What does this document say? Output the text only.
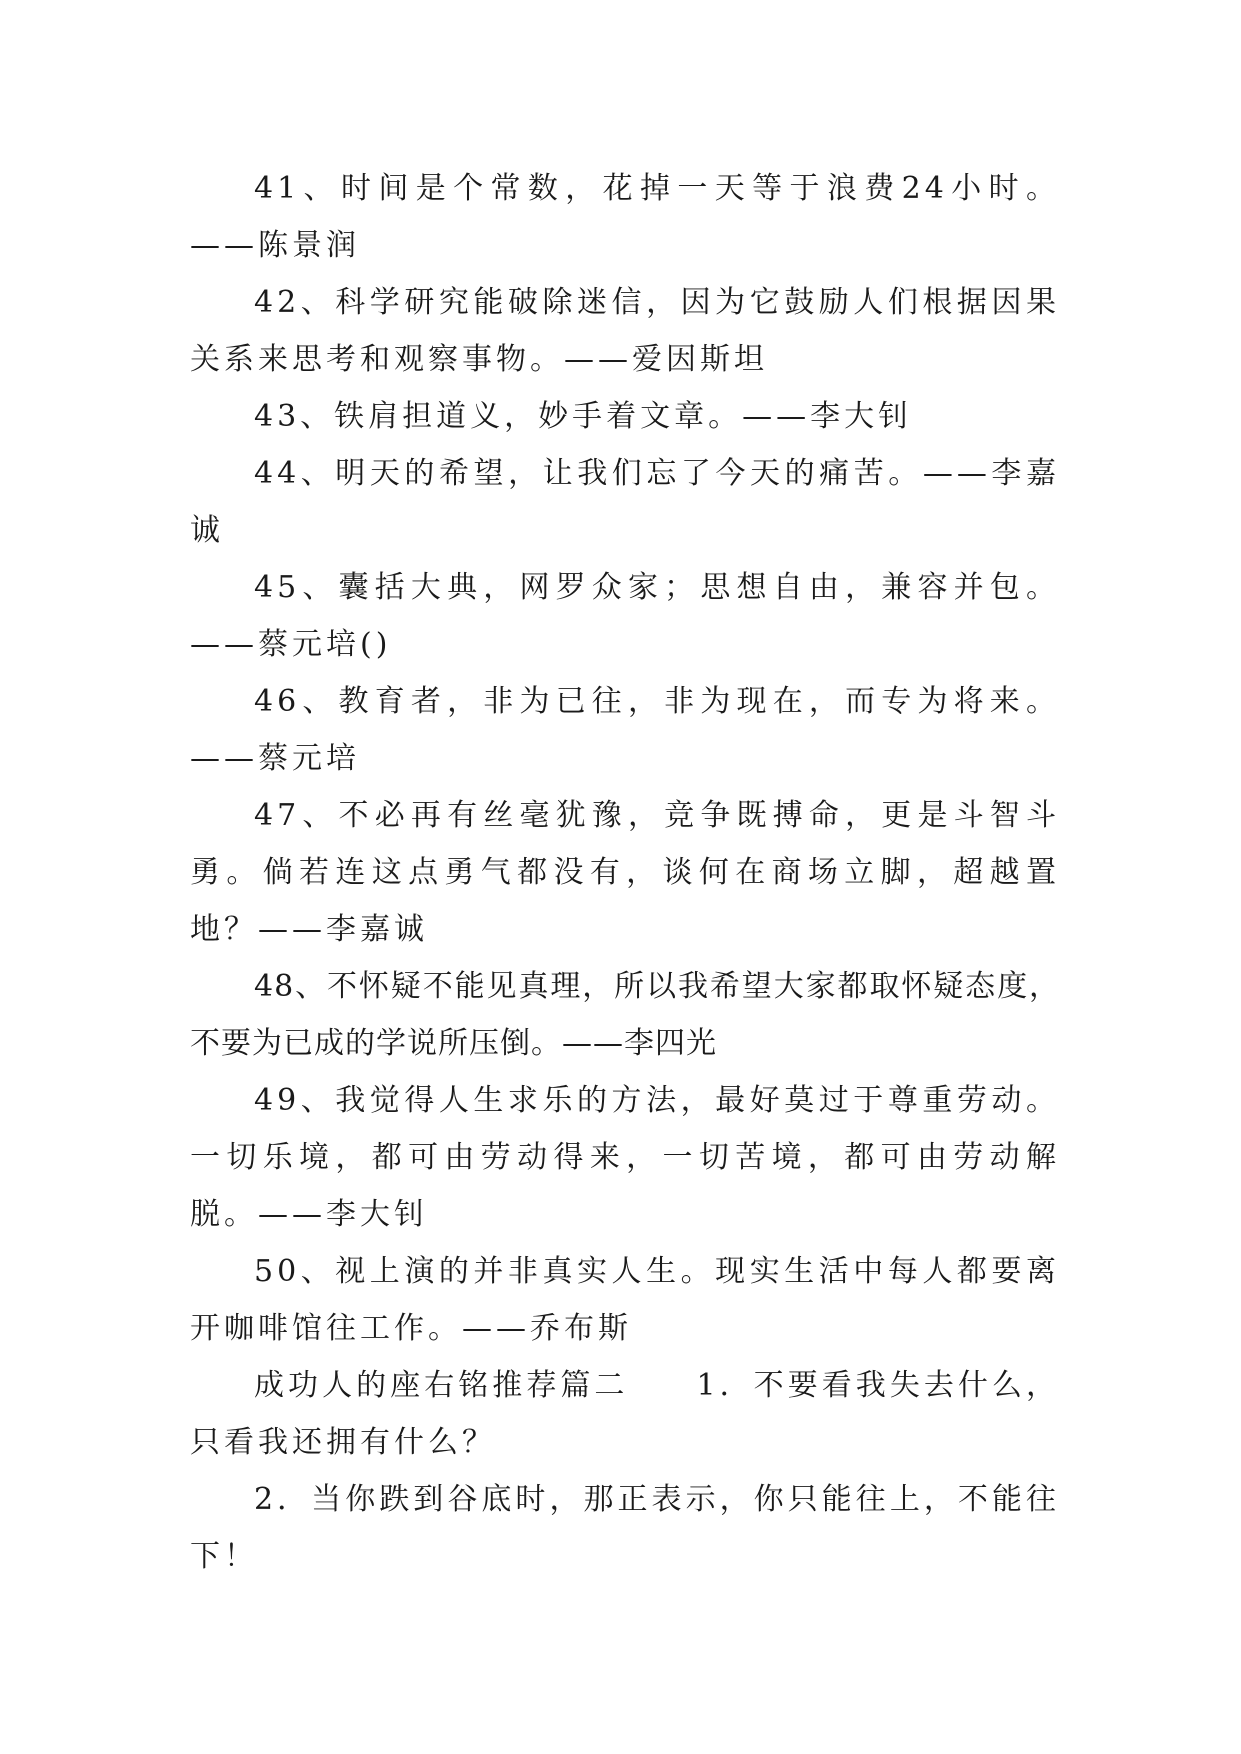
41、时间是个常数，花掉一天等于浪费24小时。——陈景润

42、科学研究能破除迷信，因为它鼓励人们根据因果关系来思考和观察事物。——爱因斯坦

43、铁肩担道义，妙手着文章。——李大钊

44、明天的希望，让我们忘了今天的痛苦。——李嘉诚

45、囊括大典，网罗众家；思想自由，兼容并包。——蔡元培()

46、教育者，非为已往，非为现在，而专为将来。——蔡元培

47、不必再有丝毫犹豫，竞争既搏命，更是斗智斗勇。倘若连这点勇气都没有，谈何在商场立脚，超越置地？——李嘉诚

48、不怀疑不能见真理，所以我希望大家都取怀疑态度，不要为已成的学说所压倒。——李四光

49、我觉得人生求乐的方法，最好莫过于尊重劳动。一切乐境，都可由劳动得来，一切苦境，都可由劳动解脱。——李大钊

50、视上演的并非真实人生。现实生活中每人都要离开咖啡馆往工作。——乔布斯

成功人的座右铭推荐篇二　　1．不要看我失去什么，只看我还拥有什么？

2．当你跌到谷底时，那正表示，你只能往上，不能往下！
